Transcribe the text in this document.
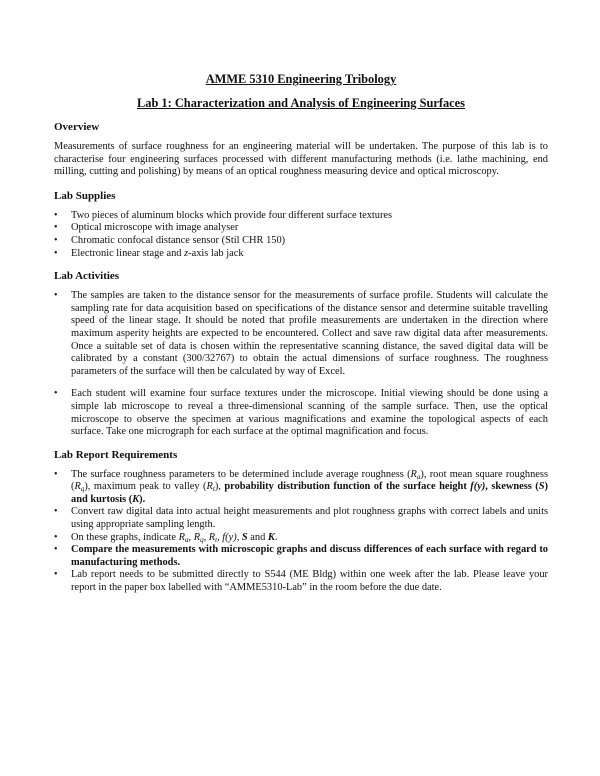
AMME 5310 Engineering Tribology

Lab 1: Characterization and Analysis of Engineering Surfaces

Overview

Measurements of surface roughness for an engineering material will be undertaken. The purpose of this lab is to characterise four engineering surfaces processed with different manufacturing methods (i.e. lathe machining, end milling, cutting and polishing) by means of an optical roughness measuring device and optical microscopy.

Lab Supplies
• Two pieces of aluminum blocks which provide four different surface textures
• Optical microscope with image analyser
• Chromatic confocal distance sensor (Stil CHR 150)
• Electronic linear stage and z-axis lab jack
Lab Activities
• The samples are taken to the distance sensor for the measurements of surface profile. Students will calculate the sampling rate for data acquisition based on specifications of the distance sensor and determine suitable travelling speed of the linear stage. It should be noted that profile measurements are undertaken in the direction where maximum asperity heights are expected to be encountered. Collect and save raw digital data after measurements. Once a suitable set of data is chosen within the representative scanning distance, the saved digital data will be calibrated by a constant (300/32767) to obtain the actual dimensions of surface roughness. The roughness parameters of the surface will then be calculated by way of Excel.
• Each student will examine four surface textures under the microscope. Initial viewing should be done using a simple lab microscope to reveal a three-dimensional scanning of the sample surface. Then, use the optical microscope to observe the specimen at various magnifications and examine the topological aspects of each surface. Take one micrograph for each surface at the optimal magnification and focus.
Lab Report Requirements
• The surface roughness parameters to be determined include average roughness $(R_a)$, root mean square roughness $(R_q)$, maximum peak to valley $(R_t)$, probability distribution function of the surface height f(y), skewness (S) and kurtosis (K).
• Convert raw digital data into actual height measurements and plot roughness graphs with correct labels and units using appropriate sampling length.
• On these graphs, indicate $R_a$, $R_q$, $R_t$, f(y), S and K.
• Compare the measurements with microscopic graphs and discuss differences of each surface with regard to manufacturing methods.
• Lab report needs to be submitted directly to S544 (ME Bldg) within one week after the lab. Please leave your report in the paper box labelled with “AMME5310-Lab” in the room before the due date.
